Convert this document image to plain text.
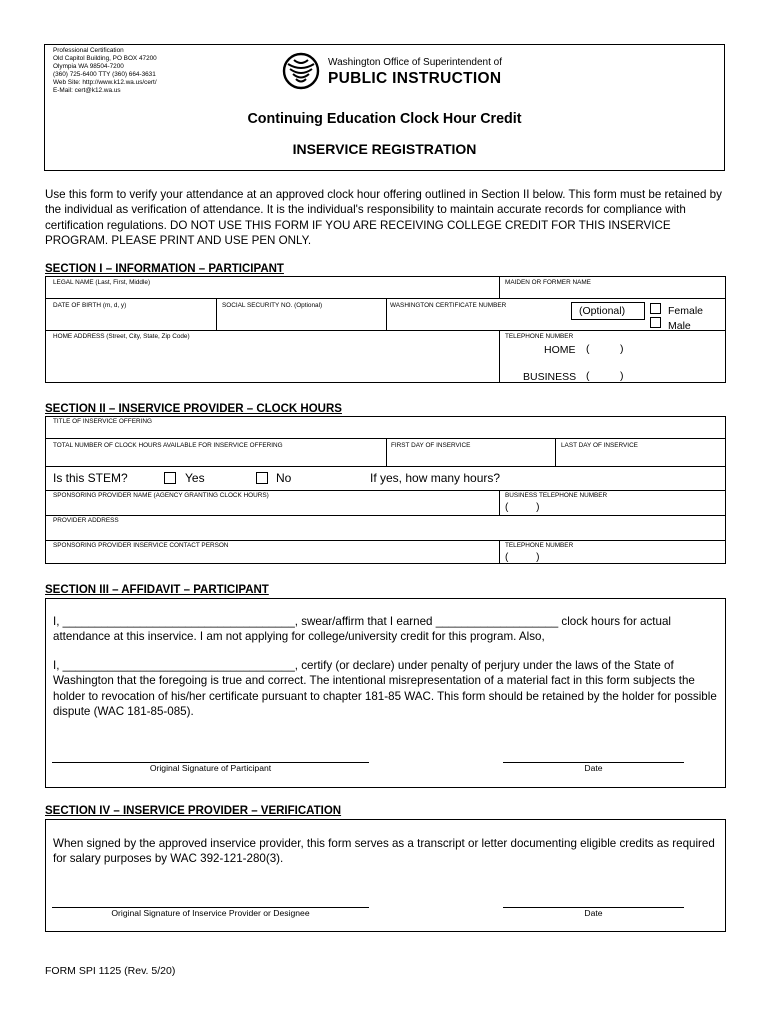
Professional Certification
Old Capitol Building, PO BOX 47200
Olympia WA 98504-7200
(360) 725-6400 TTY (360) 664-3631
Web Site: http://www.k12.wa.us/cert/
E-Mail: cert@k12.wa.us
Washington Office of Superintendent of
PUBLIC INSTRUCTION
Continuing Education Clock Hour Credit
INSERVICE REGISTRATION
Use this form to verify your attendance at an approved clock hour offering outlined in Section II below. This form must be retained by the individual as verification of attendance. It is the individual's responsibility to maintain accurate records for compliance with certification regulations. DO NOT USE THIS FORM IF YOU ARE RECEIVING COLLEGE CREDIT FOR THIS INSERVICE PROGRAM. PLEASE PRINT AND USE PEN ONLY.
SECTION I – INFORMATION – PARTICIPANT
LEGAL NAME (Last, First, Middle)	MAIDEN OR FORMER NAME
DATE OF BIRTH (m, d, y)	SOCIAL SECURITY NO. (Optional)	WASHINGTON CERTIFICATE NUMBER	(Optional)	Female
Male
HOME ADDRESS (Street, City, State, Zip Code)	TELEPHONE NUMBER
HOME (	)
BUSINESS (	)
SECTION II – INSERVICE PROVIDER – CLOCK HOURS
TITLE OF INSERVICE OFFERING
TOTAL NUMBER OF CLOCK HOURS AVAILABLE FOR INSERVICE OFFERING	FIRST DAY OF INSERVICE	LAST DAY OF INSERVICE
Is this STEM?	Yes	No	If yes, how many hours?
SPONSORING PROVIDER NAME (AGENCY GRANTING CLOCK HOURS)	BUSINESS TELEPHONE NUMBER
(          )
PROVIDER ADDRESS
SPONSORING PROVIDER INSERVICE CONTACT PERSON	TELEPHONE NUMBER
(          )
SECTION III – AFFIDAVIT – PARTICIPANT
I, ____________________________________, swear/affirm that I earned ___________________ clock hours for actual attendance at this inservice. I am not applying for college/university credit for this program. Also,
I, ____________________________________, certify (or declare) under penalty of perjury under the laws of the State of Washington that the foregoing is true and correct. The intentional misrepresentation of a material fact in this form subjects the holder to revocation of his/her certificate pursuant to chapter 181-85 WAC. This form should be retained by the holder for possible dispute (WAC 181-85-085).
Original Signature of Participant	Date
SECTION IV – INSERVICE PROVIDER – VERIFICATION
When signed by the approved inservice provider, this form serves as a transcript or letter documenting eligible credits as required for salary purposes by WAC 392-121-280(3).
Original Signature of Inservice Provider or Designee	Date
FORM SPI 1125 (Rev. 5/20)
